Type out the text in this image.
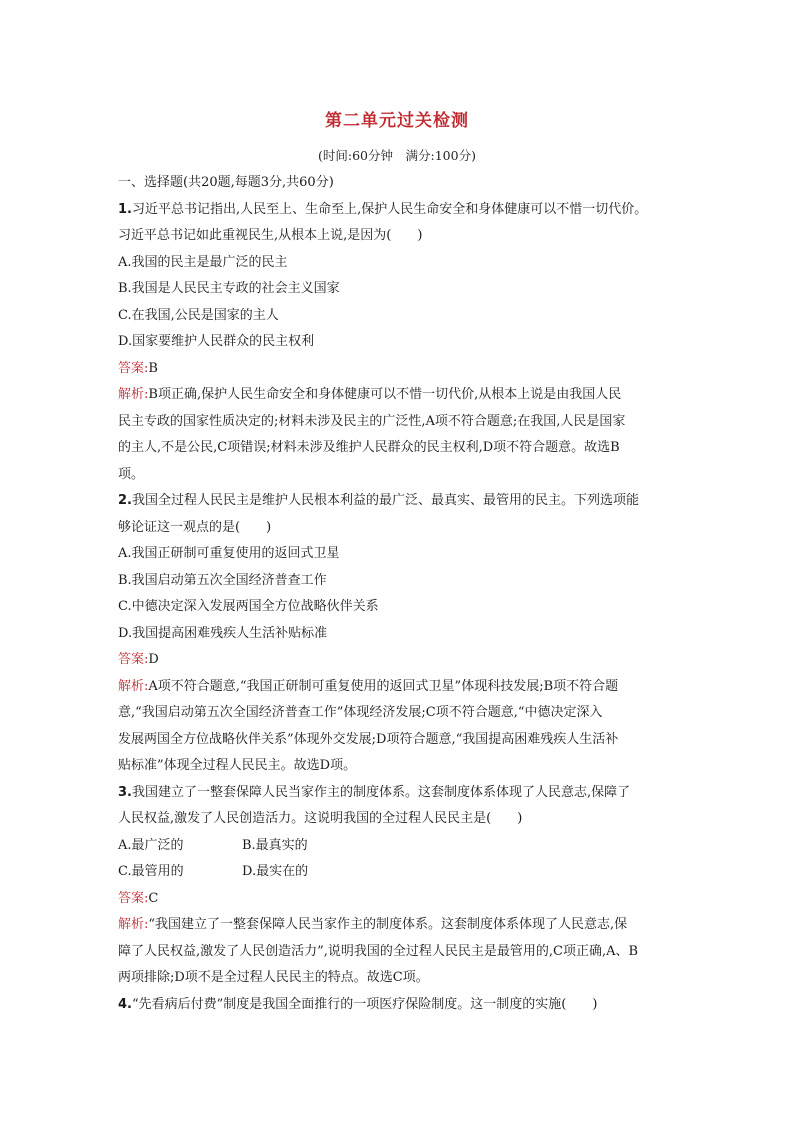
第二单元过关检测
(时间:60分钟　满分:100分)
一、选择题(共20题,每题3分,共60分)
1.习近平总书记指出,人民至上、生命至上,保护人民生命安全和身体健康可以不惜一切代价。
习近平总书记如此重视民生,从根本上说,是因为(　　)
A.我国的民主是最广泛的民主
B.我国是人民民主专政的社会主义国家
C.在我国,公民是国家的主人
D.国家要维护人民群众的民主权利
答案:B
解析:B项正确,保护人民生命安全和身体健康可以不惜一切代价,从根本上说是由我国人民
民主专政的国家性质决定的;材料未涉及民主的广泛性,A项不符合题意;在我国,人民是国家
的主人,不是公民,C项错误;材料未涉及维护人民群众的民主权利,D项不符合题意。故选B
项。
2.我国全过程人民民主是维护人民根本利益的最广泛、最真实、最管用的民主。下列选项能
够论证这一观点的是(　　)
A.我国正研制可重复使用的返回式卫星
B.我国启动第五次全国经济普查工作
C.中德决定深入发展两国全方位战略伙伴关系
D.我国提高困难残疾人生活补贴标准
答案:D
解析:A项不符合题意,“我国正研制可重复使用的返回式卫星”体现科技发展;B项不符合题
意,“我国启动第五次全国经济普查工作”体现经济发展;C项不符合题意,“中德决定深入
发展两国全方位战略伙伴关系”体现外交发展;D项符合题意,“我国提高困难残疾人生活补
贴标准”体现全过程人民民主。故选D项。
3.我国建立了一整套保障人民当家作主的制度体系。这套制度体系体现了人民意志,保障了
人民权益,激发了人民创造活力。这说明我国的全过程人民民主是(　　)
A.最广泛的	B.最真实的
C.最管用的	D.最实在的
答案:C
解析:“我国建立了一整套保障人民当家作主的制度体系。这套制度体系体现了人民意志,保
障了人民权益,激发了人民创造活力”,说明我国的全过程人民民主是最管用的,C项正确,A、B
两项排除;D项不是全过程人民民主的特点。故选C项。
4.“先看病后付费”制度是我国全面推行的一项医疗保险制度。这一制度的实施(　　)
